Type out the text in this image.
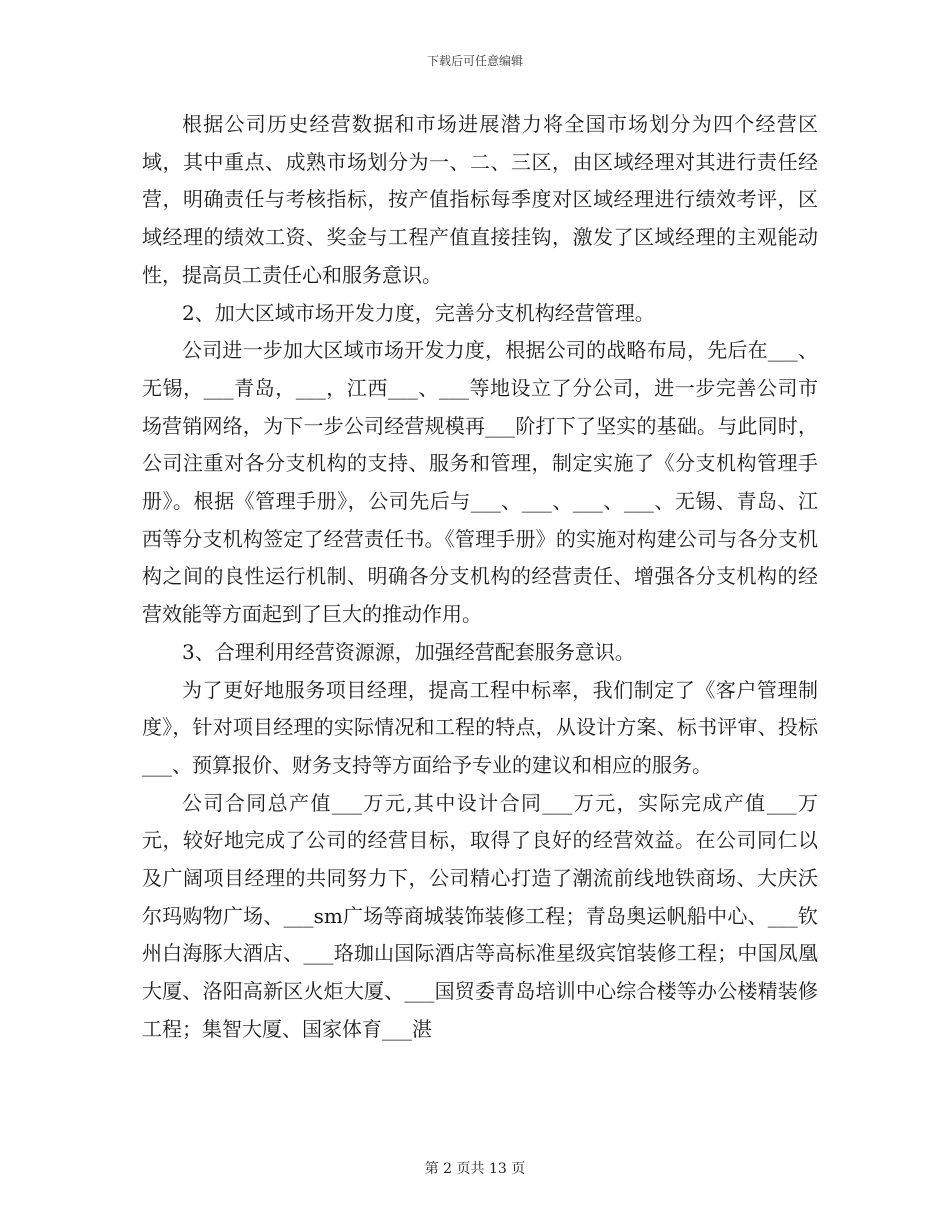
下载后可任意编辑

根据公司历史经营数据和市场进展潜力将全国市场划分为四个经营区域，其中重点、成熟市场划分为一、二、三区，由区域经理对其进行责任经营，明确责任与考核指标，按产值指标每季度对区域经理进行绩效考评，区域经理的绩效工资、奖金与工程产值直接挂钩，激发了区域经理的主观能动性，提高员工责任心和服务意识。

2、加大区域市场开发力度，完善分支机构经营管理。

公司进一步加大区域市场开发力度，根据公司的战略布局，先后在___、无锡，___青岛，___，江西___、___等地设立了分公司，进一步完善公司市场营销网络，为下一步公司经营规模再___阶打下了坚实的基础。与此同时，公司注重对各分支机构的支持、服务和管理，制定实施了《分支机构管理手册》。根据《管理手册》，公司先后与___、___、___、___、无锡、青岛、江西等分支机构签定了经营责任书。《管理手册》的实施对构建公司与各分支机构之间的良性运行机制、明确各分支机构的经营责任、增强各分支机构的经营效能等方面起到了巨大的推动作用。

3、合理利用经营资源源，加强经营配套服务意识。

为了更好地服务项目经理，提高工程中标率，我们制定了《客户管理制度》，针对项目经理的实际情况和工程的特点，从设计方案、标书评审、投标___、预算报价、财务支持等方面给予专业的建议和相应的服务。

公司合同总产值___万元,其中设计合同___万元，实际完成产值___万元，较好地完成了公司的经营目标，取得了良好的经营效益。在公司同仁以及广阔项目经理的共同努力下，公司精心打造了潮流前线地铁商场、大庆沃尔玛购物广场、___sm广场等商城装饰装修工程；青岛奥运帆船中心、___钦州白海豚大酒店、___珞珈山国际酒店等高标准星级宾馆装修工程；中国凤凰大厦、洛阳高新区火炬大厦、___国贸委青岛培训中心综合楼等办公楼精装修工程；集智大厦、国家体育___湛

第 2 页共 13 页
